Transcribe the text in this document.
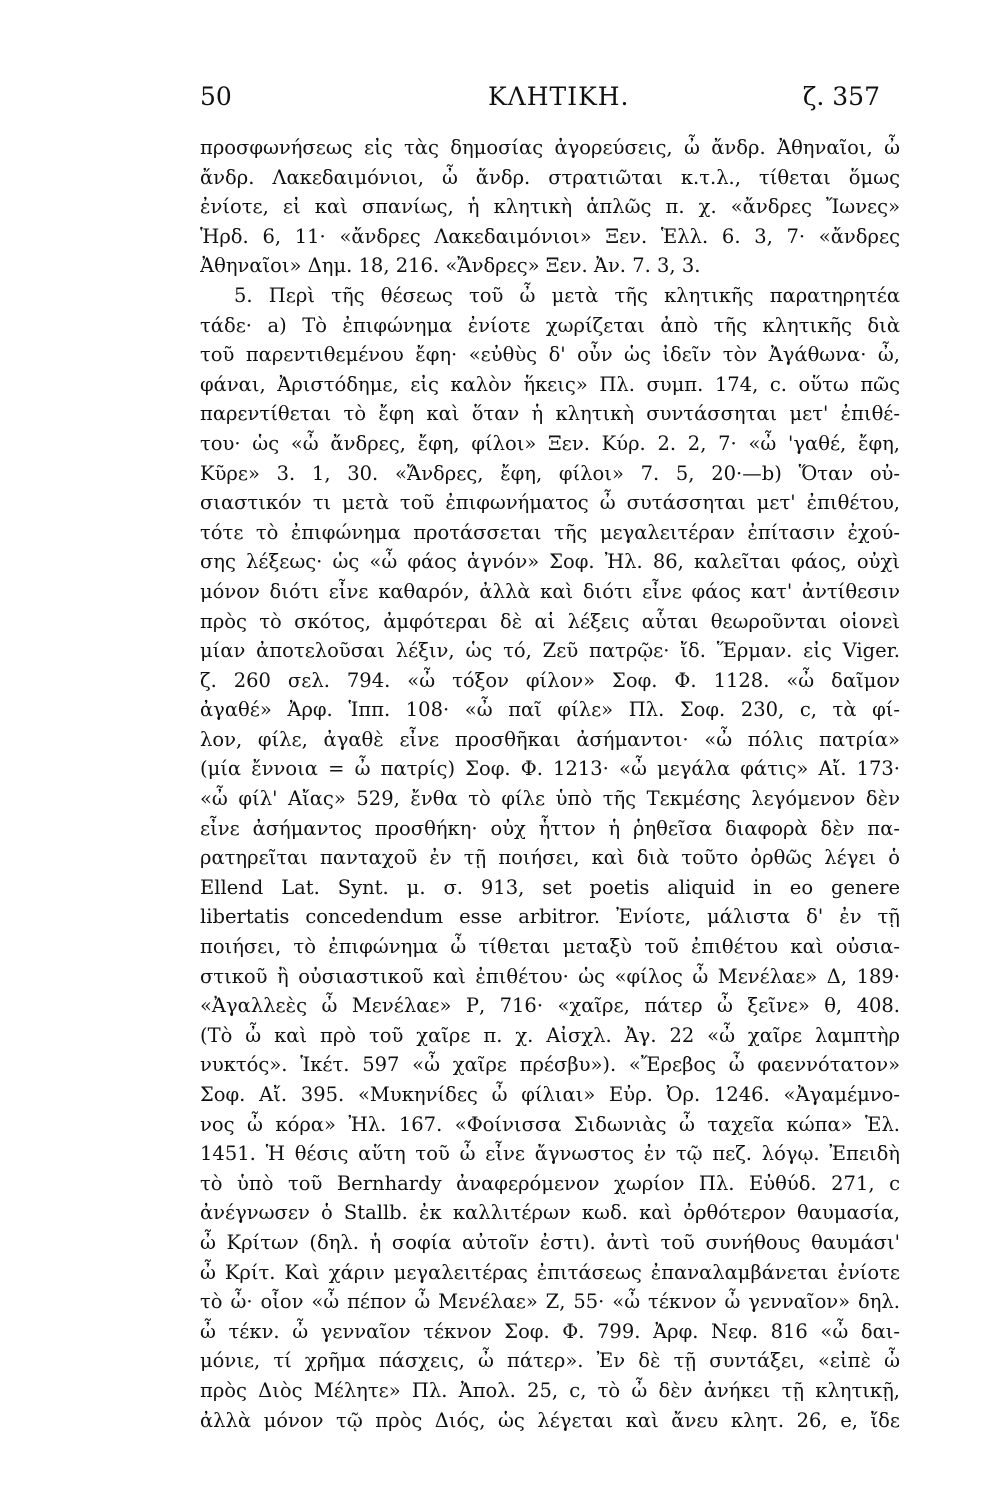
50	ΚΛΗΤΙΚΗ.	ζ. 357
προσφωνήσεως εἰς τὰς δημοσίας ἀγορεύσεις, ὦ ἄνδρ. Ἀθηναῖοι, ὦ
ἄνδρ. Λακεδαιμόνιοι, ὦ ἄνδρ. στρατιῶται κ.τ.λ., τίθεται ὅμως
ἐνίοτε, εἰ καὶ σπανίως, ἡ κλητικὴ ἁπλῶς π. χ. «ἄνδρες Ἴωνες»
Ἡρδ. 6, 11· «ἄνδρες Λακεδαιμόνιοι» Ξεν. Ἑλλ. 6. 3, 7· «ἄνδρες
Ἀθηναῖοι» Δημ. 18, 216. «Ἄνδρες» Ξεν. Ἀν. 7. 3, 3.
5. Περὶ τῆς θέσεως τοῦ ὦ μετὰ τῆς κλητικῆς παρατηρητέα
τάδε· a) Τὸ ἐπιφώνημα ἐνίοτε χωρίζεται ἀπὸ τῆς κλητικῆς διὰ
τοῦ παρεντιθεμένου ἔφη· «εὐθὺς δ' οὖν ὡς ἰδεῖν τὸν Ἀγάθωνα· ὦ,
φάναι, Ἀριστόδημε, εἰς καλὸν ἥκεις» Πλ. συμπ. 174, c. οὕτω πῶς
παρεντίθεται τὸ ἔφη καὶ ὅταν ἡ κλητικὴ συντάσσηται μετ' ἐπιθέ-
του· ὡς «ὦ ἄνδρες, ἔφη, φίλοι» Ξεν. Κύρ. 2. 2, 7· «ὦ 'γαθέ, ἔφη,
Κῦρε» 3. 1, 30. «Ἄνδρες, ἔφη, φίλοι» 7. 5, 20·—b) Ὅταν οὐ-
σιαστικόν τι μετὰ τοῦ ἐπιφωνήματος ὦ συτάσσηται μετ' ἐπιθέτου,
τότε τὸ ἐπιφώνημα προτάσσεται τῆς μεγαλειτέραν ἐπίτασιν ἐχού-
σης λέξεως· ὡς «ὦ φάος ἁγνόν» Σοφ. Ἠλ. 86, καλεῖται φάος, οὐχὶ
μόνον διότι εἶνε καθαρόν, ἀλλὰ καὶ διότι εἶνε φάος κατ' ἀντίθεσιν
πρὸς τὸ σκότος, ἀμφότεραι δὲ αἱ λέξεις αὗται θεωροῦνται οἱονεὶ
μίαν ἀποτελοῦσαι λέξιν, ὡς τό, Ζεῦ πατρῷε· ἴδ. Ἕρμαν. εἰς Viger.
ζ. 260 σελ. 794. «ὦ τόξον φίλον» Σοφ. Φ. 1128. «ὦ δαῖμον
ἀγαθέ» Ἀρφ. Ἱππ. 108· «ὦ παῖ φίλε» Πλ. Σοφ. 230, c, τὰ φί-
λον, φίλε, ἀγαθὲ εἶνε προσθῆκαι ἀσήμαντοι· «ὦ πόλις πατρία»
(μία ἔννοια = ὦ πατρίς) Σοφ. Φ. 1213· «ὦ μεγάλα φάτις» Αἴ. 173·
«ὦ φίλ' Αἴας» 529, ἔνθα τὸ φίλε ὑπὸ τῆς Τεκμέσης λεγόμενον δὲν
εἶνε ἀσήμαντος προσθήκη· οὐχ ἧττον ἡ ῥηθεῖσα διαφορὰ δὲν πα-
ρατηρεῖται πανταχοῦ ἐν τῇ ποιήσει, καὶ διὰ τοῦτο ὀρθῶς λέγει ὁ
Ellend Lat. Synt. μ. σ. 913, set poetis aliquid in eo genere
libertatis concedendum esse arbitror. Ἐνίοτε, μάλιστα δ' ἐν τῇ
ποιήσει, τὸ ἐπιφώνημα ὦ τίθεται μεταξὺ τοῦ ἐπιθέτου καὶ οὐσια-
στικοῦ ἢ οὐσιαστικοῦ καὶ ἐπιθέτου· ὡς «φίλος ὦ Μενέλαε» Δ, 189·
«Ἀγαλλεὲς ὦ Μενέλαε» Ρ, 716· «χαῖρε, πάτερ ὦ ξεῖνε» θ, 408.
(Τὸ ὦ καὶ πρὸ τοῦ χαῖρε π. χ. Αἰσχλ. Ἀγ. 22 «ὦ χαῖρε λαμπτὴρ
νυκτός». Ἱκέτ. 597 «ὦ χαῖρε πρέσβυ»). «Ἔρεβος ὦ φαεννότατον»
Σοφ. Αἴ. 395. «Μυκηνίδες ὦ φίλιαι» Εὐρ. Ὀρ. 1246. «Ἀγαμέμνο-
νος ὦ κόρα» Ἠλ. 167. «Φοίνισσα Σιδωνιὰς ὦ ταχεῖα κώπα» Ἑλ.
1451. Ἡ θέσις αὕτη τοῦ ὦ εἶνε ἄγνωστος ἐν τῷ πεζ. λόγῳ. Ἐπειδὴ
τὸ ὑπὸ τοῦ Bernhardy ἀναφερόμενον χωρίον Πλ. Εὐθύδ. 271, c
ἀνέγνωσεν ὁ Stallb. ἐκ καλλιτέρων κωδ. καὶ ὀρθότερον θαυμασία,
ὦ Κρίτων (δηλ. ἡ σοφία αὐτοῖν ἐστι). ἀντὶ τοῦ συνήθους θαυμάσι'
ὦ Κρίτ. Καὶ χάριν μεγαλειτέρας ἐπιτάσεως ἐπαναλαμβάνεται ἐνίοτε
τὸ ὦ· οἷον «ὦ πέπον ὦ Μενέλαε» Ζ, 55· «ὦ τέκνον ὦ γενναῖον» δηλ.
ὦ τέκν. ὦ γενναῖον τέκνον Σοφ. Φ. 799. Ἀρφ. Νεφ. 816 «ὦ δαι-
μόνιε, τί χρῆμα πάσχεις, ὦ πάτερ». Ἐν δὲ τῇ συντάξει, «εἰπὲ ὦ
πρὸς Διὸς Μέλητε» Πλ. Ἀπολ. 25, c, τὸ ὦ δὲν ἀνήκει τῇ κλητικῇ,
ἀλλὰ μόνον τῷ πρὸς Διός, ὡς λέγεται καὶ ἄνευ κλητ. 26, e, ἴδε
